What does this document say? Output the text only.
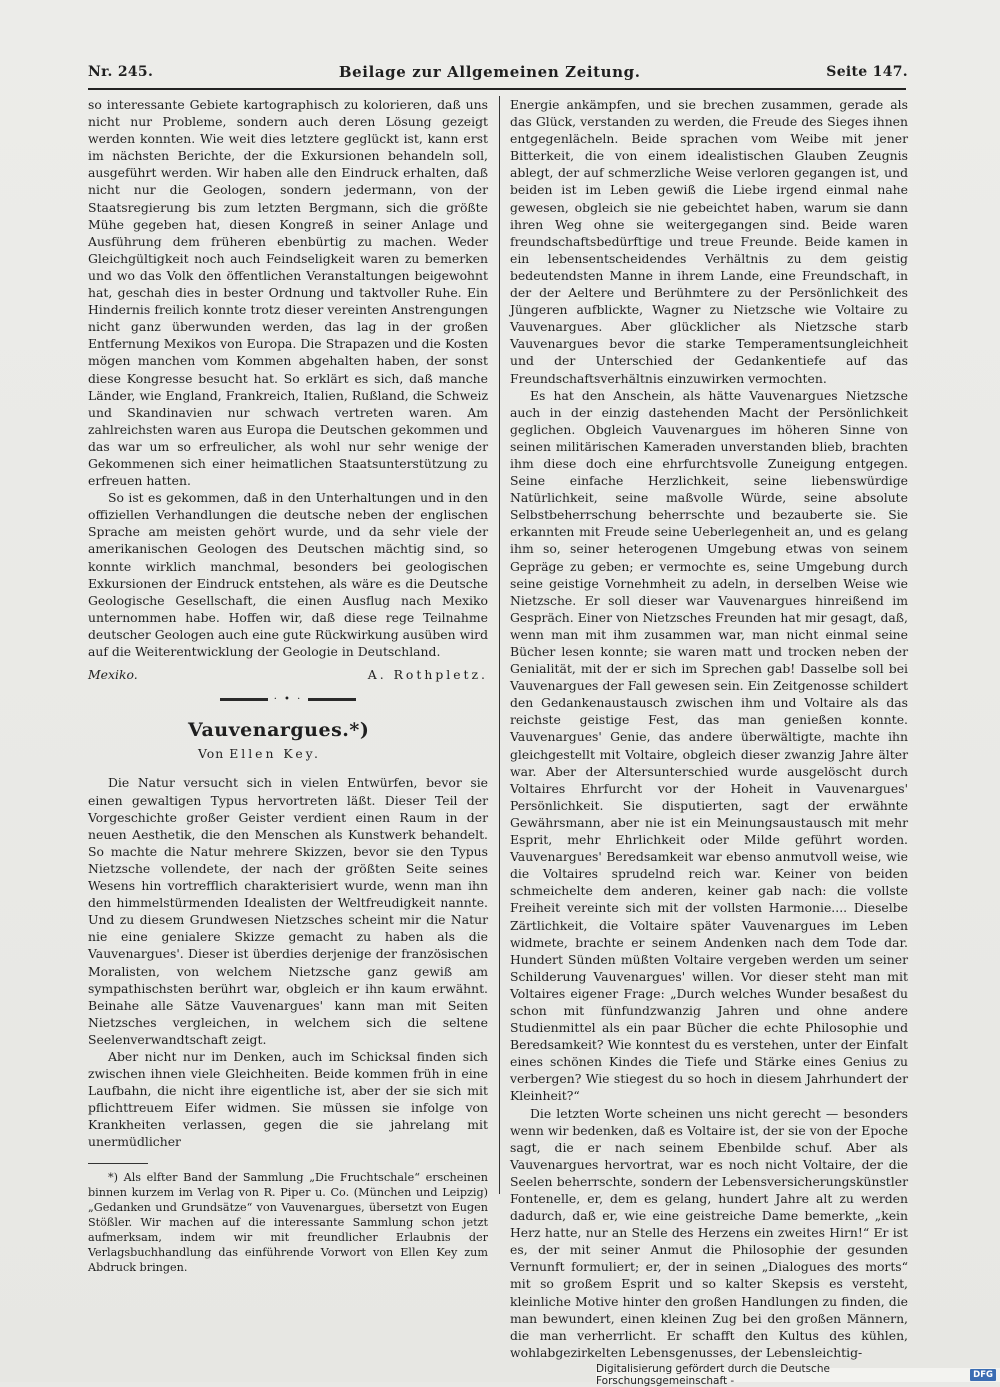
Nr. 245.	Beilage zur Allgemeinen Zeitung.	Seite 147.

so interessante Gebiete kartographisch zu kolorieren, daß uns nicht nur Probleme, sondern auch deren Lösung gezeigt werden konnten. Wie weit dies letztere geglückt ist, kann erst im nächsten Berichte, der die Exkursionen behandeln soll, ausgeführt werden. Wir haben alle den Eindruck erhalten, daß nicht nur die Geologen, sondern jedermann, von der Staatsregierung bis zum letzten Bergmann, sich die größte Mühe gegeben hat, diesen Kongreß in seiner Anlage und Ausführung dem früheren ebenbürtig zu machen. Weder Gleichgültigkeit noch auch Feindseligkeit waren zu bemerken und wo das Volk den öffentlichen Veranstaltungen beigewohnt hat, geschah dies in bester Ordnung und taktvoller Ruhe. Ein Hindernis freilich konnte trotz dieser vereinten Anstrengungen nicht ganz überwunden werden, das lag in der großen Entfernung Mexikos von Europa. Die Strapazen und die Kosten mögen manchen vom Kommen abgehalten haben, der sonst diese Kongresse besucht hat. So erklärt es sich, daß manche Länder, wie England, Frankreich, Italien, Rußland, die Schweiz und Skandinavien nur schwach vertreten waren. Am zahlreichsten waren aus Europa die Deutschen gekommen und das war um so erfreulicher, als wohl nur sehr wenige der Gekommenen sich einer heimatlichen Staatsunterstützung zu erfreuen hatten.

So ist es gekommen, daß in den Unterhaltungen und in den offiziellen Verhandlungen die deutsche neben der englischen Sprache am meisten gehört wurde, und da sehr viele der amerikanischen Geologen des Deutschen mächtig sind, so konnte wirklich manchmal, besonders bei geologischen Exkursionen der Eindruck entstehen, als wäre es die Deutsche Geologische Gesellschaft, die einen Ausflug nach Mexiko unternommen habe. Hoffen wir, daß diese rege Teilnahme deutscher Geologen auch eine gute Rückwirkung ausüben wird auf die Weiterentwicklung der Geologie in Deutschland.

Mexiko.	A. Rothpletz.
· • ·
Vauvenargues.*)
Von Ellen Key.

Die Natur versucht sich in vielen Entwürfen, bevor sie einen gewaltigen Typus hervortreten läßt. Dieser Teil der Vorgeschichte großer Geister verdient einen Raum in der neuen Aesthetik, die den Menschen als Kunstwerk behandelt. So machte die Natur mehrere Skizzen, bevor sie den Typus Nietzsche vollendete, der nach der größten Seite seines Wesens hin vortrefflich charakterisiert wurde, wenn man ihn den himmelstürmenden Idealisten der Weltfreudigkeit nannte. Und zu diesem Grundwesen Nietzsches scheint mir die Natur nie eine genialere Skizze gemacht zu haben als die Vauvenargues'. Dieser ist überdies derjenige der französischen Moralisten, von welchem Nietzsche ganz gewiß am sympathischsten berührt war, obgleich er ihn kaum erwähnt. Beinahe alle Sätze Vauvenargues' kann man mit Seiten Nietzsches vergleichen, in welchem sich die seltene Seelenverwandtschaft zeigt.

Aber nicht nur im Denken, auch im Schicksal finden sich zwischen ihnen viele Gleichheiten. Beide kommen früh in eine Laufbahn, die nicht ihre eigentliche ist, aber der sie sich mit pflichttreuem Eifer widmen. Sie müssen sie infolge von Krankheiten verlassen, gegen die sie jahrelang mit unermüdlicher

*) Als elfter Band der Sammlung „Die Fruchtschale“ erscheinen binnen kurzem im Verlag von R. Piper u. Co. (München und Leipzig) „Gedanken und Grundsätze“ von Vauvenargues, übersetzt von Eugen Stößler. Wir machen auf die interessante Sammlung schon jetzt aufmerksam, indem wir mit freundlicher Erlaubnis der Verlagsbuchhandlung das einführende Vorwort von Ellen Key zum Abdruck bringen.

Energie ankämpfen, und sie brechen zusammen, gerade als das Glück, verstanden zu werden, die Freude des Sieges ihnen entgegenlächeln. Beide sprachen vom Weibe mit jener Bitterkeit, die von einem idealistischen Glauben Zeugnis ablegt, der auf schmerzliche Weise verloren gegangen ist, und beiden ist im Leben gewiß die Liebe irgend einmal nahe gewesen, obgleich sie nie gebeichtet haben, warum sie dann ihren Weg ohne sie weitergegangen sind. Beide waren freundschaftsbedürftige und treue Freunde. Beide kamen in ein lebensentscheidendes Verhältnis zu dem geistig bedeutendsten Manne in ihrem Lande, eine Freundschaft, in der der Aeltere und Berühmtere zu der Persönlichkeit des Jüngeren aufblickte, Wagner zu Nietzsche wie Voltaire zu Vauvenargues. Aber glücklicher als Nietzsche starb Vauvenargues bevor die starke Temperamentsungleichheit und der Unterschied der Gedankentiefe auf das Freundschaftsverhältnis einzuwirken vermochten.

Es hat den Anschein, als hätte Vauvenargues Nietzsche auch in der einzig dastehenden Macht der Persönlichkeit geglichen. Obgleich Vauvenargues im höheren Sinne von seinen militärischen Kameraden unverstanden blieb, brachten ihm diese doch eine ehrfurchtsvolle Zuneigung entgegen. Seine einfache Herzlichkeit, seine liebenswürdige Natürlichkeit, seine maßvolle Würde, seine absolute Selbstbeherrschung beherrschte und bezauberte sie. Sie erkannten mit Freude seine Ueberlegenheit an, und es gelang ihm so, seiner heterogenen Umgebung etwas von seinem Gepräge zu geben; er vermochte es, seine Umgebung durch seine geistige Vornehmheit zu adeln, in derselben Weise wie Nietzsche. Er soll dieser war Vauvenargues hinreißend im Gespräch. Einer von Nietzsches Freunden hat mir gesagt, daß, wenn man mit ihm zusammen war, man nicht einmal seine Bücher lesen konnte; sie waren matt und trocken neben der Genialität, mit der er sich im Sprechen gab! Dasselbe soll bei Vauvenargues der Fall gewesen sein. Ein Zeitgenosse schildert den Gedankenaustausch zwischen ihm und Voltaire als das reichste geistige Fest, das man genießen konnte. Vauvenargues' Genie, das andere überwältigte, machte ihn gleichgestellt mit Voltaire, obgleich dieser zwanzig Jahre älter war. Aber der Altersunterschied wurde ausgelöscht durch Voltaires Ehrfurcht vor der Hoheit in Vauvenargues' Persönlichkeit. Sie disputierten, sagt der erwähnte Gewährsmann, aber nie ist ein Meinungsaustausch mit mehr Esprit, mehr Ehrlichkeit oder Milde geführt worden. Vauvenargues' Beredsamkeit war ebenso anmutvoll weise, wie die Voltaires sprudelnd reich war. Keiner von beiden schmeichelte dem anderen, keiner gab nach: die vollste Freiheit vereinte sich mit der vollsten Harmonie.... Dieselbe Zärtlichkeit, die Voltaire später Vauvenargues im Leben widmete, brachte er seinem Andenken nach dem Tode dar. Hundert Sünden müßten Voltaire vergeben werden um seiner Schilderung Vauvenargues' willen. Vor dieser steht man mit Voltaires eigener Frage: „Durch welches Wunder besaßest du schon mit fünfundzwanzig Jahren und ohne andere Studienmittel als ein paar Bücher die echte Philosophie und Beredsamkeit? Wie konntest du es verstehen, unter der Einfalt eines schönen Kindes die Tiefe und Stärke eines Genius zu verbergen? Wie stiegest du so hoch in diesem Jahrhundert der Kleinheit?“

Die letzten Worte scheinen uns nicht gerecht — besonders wenn wir bedenken, daß es Voltaire ist, der sie von der Epoche sagt, die er nach seinem Ebenbilde schuf. Aber als Vauvenargues hervortrat, war es noch nicht Voltaire, der die Seelen beherrschte, sondern der Lebensversicherungskünstler Fontenelle, er, dem es gelang, hundert Jahre alt zu werden dadurch, daß er, wie eine geistreiche Dame bemerkte, „kein Herz hatte, nur an Stelle des Herzens ein zweites Hirn!“ Er ist es, der mit seiner Anmut die Philosophie der gesunden Vernunft formuliert; er, der in seinen „Dialogues des morts“ mit so großem Esprit und so kalter Skepsis es versteht, kleinliche Motive hinter den großen Handlungen zu finden, die man bewundert, einen kleinen Zug bei den großen Männern, die man verherrlicht. Er schafft den Kultus des kühlen, wohlabgezirkelten Lebensgenusses, der Lebensleichtig-

Digitalisierung gefördert durch die Deutsche Forschungsgemeinschaft -	DFG
